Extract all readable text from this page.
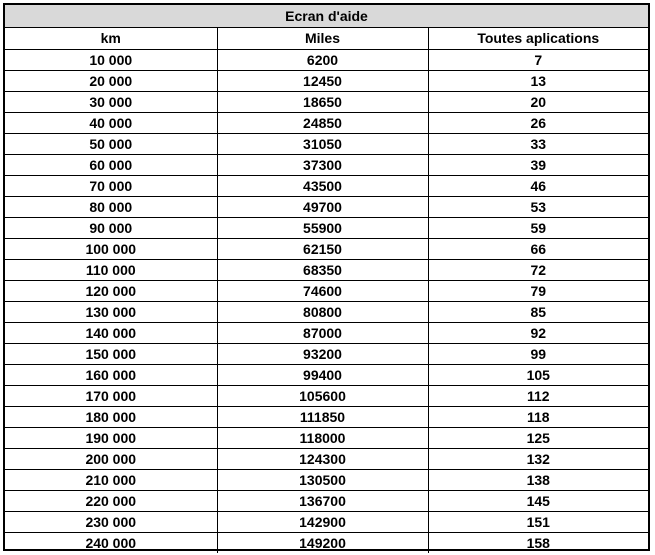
Ecran d'aide
km	Miles	Toutes aplications
10 000	6200	7
20 000	12450	13
30 000	18650	20
40 000	24850	26
50 000	31050	33
60 000	37300	39
70 000	43500	46
80 000	49700	53
90 000	55900	59
100 000	62150	66
110 000	68350	72
120 000	74600	79
130 000	80800	85
140 000	87000	92
150 000	93200	99
160 000	99400	105
170 000	105600	112
180 000	111850	118
190 000	118000	125
200 000	124300	132
210 000	130500	138
220 000	136700	145
230 000	142900	151
240 000	149200	158
